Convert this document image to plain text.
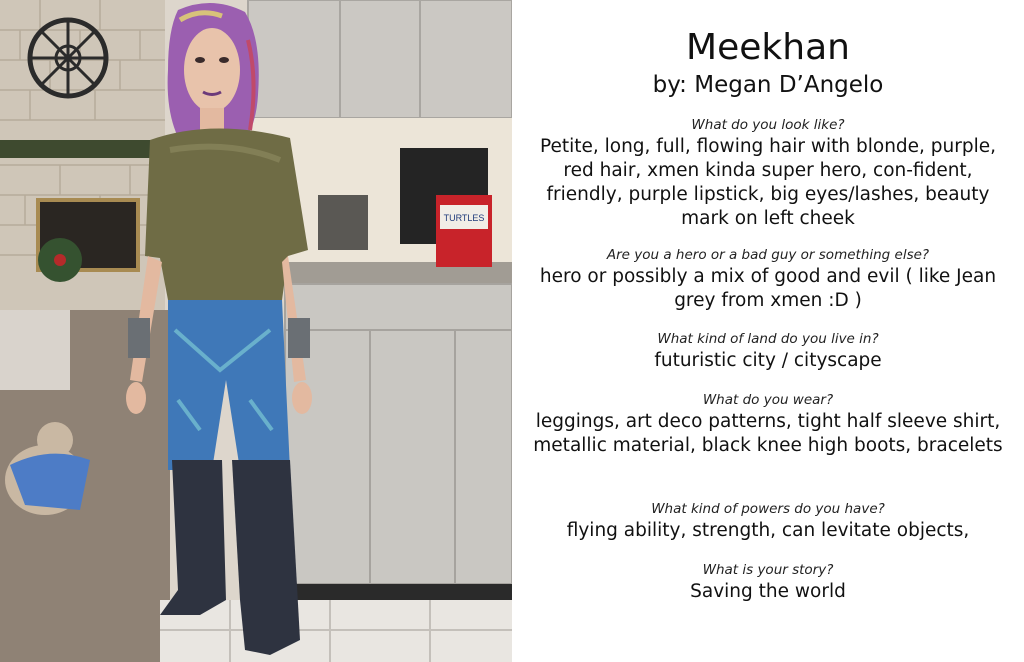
TURTLES
Meekhan
by: Megan D’Angelo
What do you look like?
Petite, long, full, flowing hair with blonde, purple, red hair, xmen kinda super hero, con-fident, friendly, purple lipstick, big eyes/lashes, beauty mark on left cheek
Are you a hero or a bad guy or something else?
hero or possibly a mix of good and evil ( like Jean grey from xmen :D )
What kind of land do you live in?
futuristic city / cityscape
What do you wear?
leggings, art deco patterns, tight half sleeve shirt, metallic material, black knee high boots, bracelets
What kind of powers do you have?
flying ability, strength, can levitate objects,
What is your story?
Saving the world
